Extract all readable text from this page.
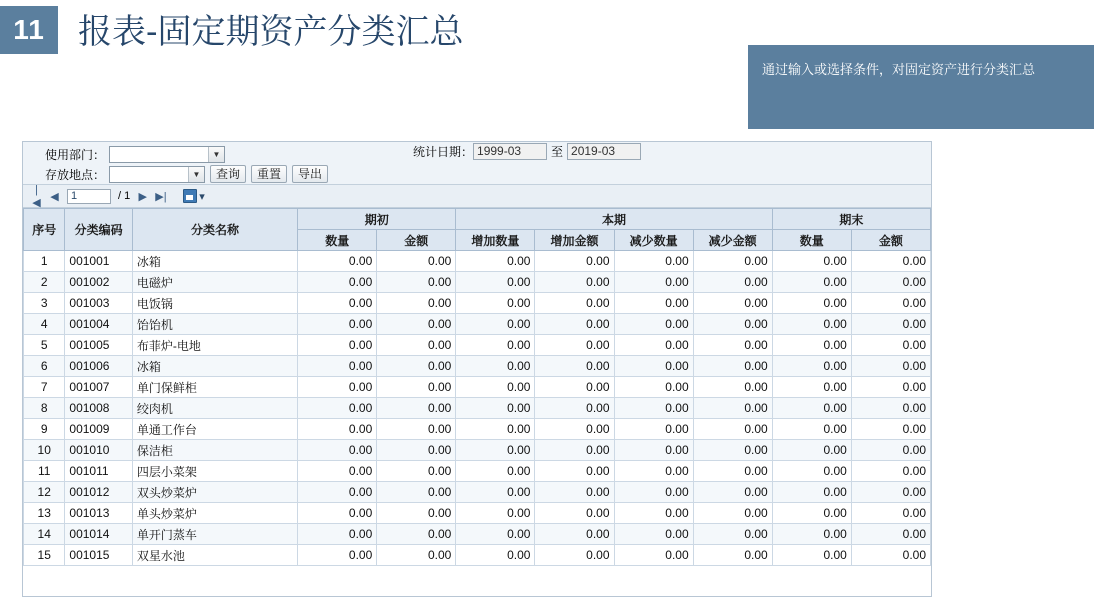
11 报表-固定期资产分类汇总
通过输入或选择条件，对固定资产进行分类汇总
使用部门：	▼
存放地点：	▼	查询	重置	导出
统计日期： 1999-03	至 2019-03
|◀ ◀	1	/ 1 ▶ ▶|	▾
序号	分类编码	分类名称	期初		本期				期末	
			数量	金额	增加数量	增加金额	减少数量	减少金额	数量	金额
1	001001	冰箱	0.00	0.00	0.00	0.00	0.00	0.00	0.00	0.00
2	001002	电磁炉	0.00	0.00	0.00	0.00	0.00	0.00	0.00	0.00
3	001003	电饭锅	0.00	0.00	0.00	0.00	0.00	0.00	0.00	0.00
4	001004	饴饴机	0.00	0.00	0.00	0.00	0.00	0.00	0.00	0.00
5	001005	布菲炉-电地	0.00	0.00	0.00	0.00	0.00	0.00	0.00	0.00
6	001006	冰箱	0.00	0.00	0.00	0.00	0.00	0.00	0.00	0.00
7	001007	单门保鲜柜	0.00	0.00	0.00	0.00	0.00	0.00	0.00	0.00
8	001008	绞肉机	0.00	0.00	0.00	0.00	0.00	0.00	0.00	0.00
9	001009	单通工作台	0.00	0.00	0.00	0.00	0.00	0.00	0.00	0.00
10	001010	保洁柜	0.00	0.00	0.00	0.00	0.00	0.00	0.00	0.00
11	001011	四层小菜架	0.00	0.00	0.00	0.00	0.00	0.00	0.00	0.00
12	001012	双头炒菜炉	0.00	0.00	0.00	0.00	0.00	0.00	0.00	0.00
13	001013	单头炒菜炉	0.00	0.00	0.00	0.00	0.00	0.00	0.00	0.00
14	001014	单开门蒸车	0.00	0.00	0.00	0.00	0.00	0.00	0.00	0.00
15	001015	双星水池	0.00	0.00	0.00	0.00	0.00	0.00	0.00	0.00
